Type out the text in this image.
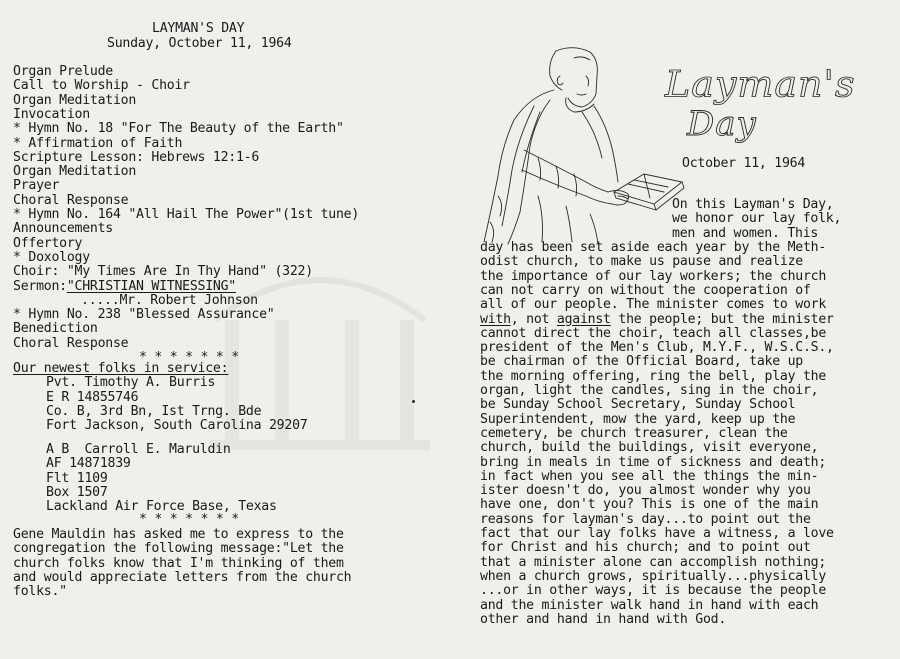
LAYMAN'S DAY
Sunday, October 11, 1964

Organ Prelude

Call to Worship - Choir

Organ Meditation

Invocation

* Hymn No. 18 "For The Beauty of the Earth"

* Affirmation of Faith

Scripture Lesson: Hebrews 12:1-6

Organ Meditation

Prayer

Choral Response

* Hymn No. 164 "All Hail The Power"(1st tune)

Announcements

Offertory

* Doxology

Choir: "My Times Are In Thy Hand" (322)

Sermon:"CHRISTIAN WITNESSING"

.....Mr. Robert Johnson

* Hymn No. 238 "Blessed Assurance"

Benediction

Choral Response

* * * * * * *

Our newest folks in service:

Pvt. Timothy A. Burris

E R 14855746

Co. B, 3rd Bn, Ist Trng. Bde

Fort Jackson, South Carolina 29207

A B  Carroll E. Maruldin

AF 14871839

Flt 1109

Box 1507

Lackland Air Force Base, Texas

* * * * * * *

Gene Mauldin has asked me to express to the

congregation the following message:"Let the

church folks know that I'm thinking of them

and would appreciate letters from the church

folks."

Layman's
Day
October 11, 1964

On this Layman's Day,

we honor our lay folk,

men and women. This

day has been set aside each year by the Meth-

odist church, to make us pause and realize

the importance of our lay workers; the church

can not carry on without the cooperation of

all of our people. The minister comes to work

with, not against the people; but the minister

cannot direct the choir, teach all classes,be

president of the Men's Club, M.Y.F., W.S.C.S.,

be chairman of the Official Board, take up

the morning offering, ring the bell, play the

organ, light the candles, sing in the choir,

be Sunday School Secretary, Sunday School

Superintendent, mow the yard, keep up the

cemetery, be church treasurer, clean the

church, build the buildings, visit everyone,

bring in meals in time of sickness and death;

in fact when you see all the things the min-

ister doesn't do, you almost wonder why you

have one, don't you? This is one of the main

reasons for layman's day...to point out the

fact that our lay folks have a witness, a love

for Christ and his church; and to point out

that a minister alone can accomplish nothing;

when a church grows, spiritually...physically

...or in other ways, it is because the people

and the minister walk hand in hand with each

other and hand in hand with God.
